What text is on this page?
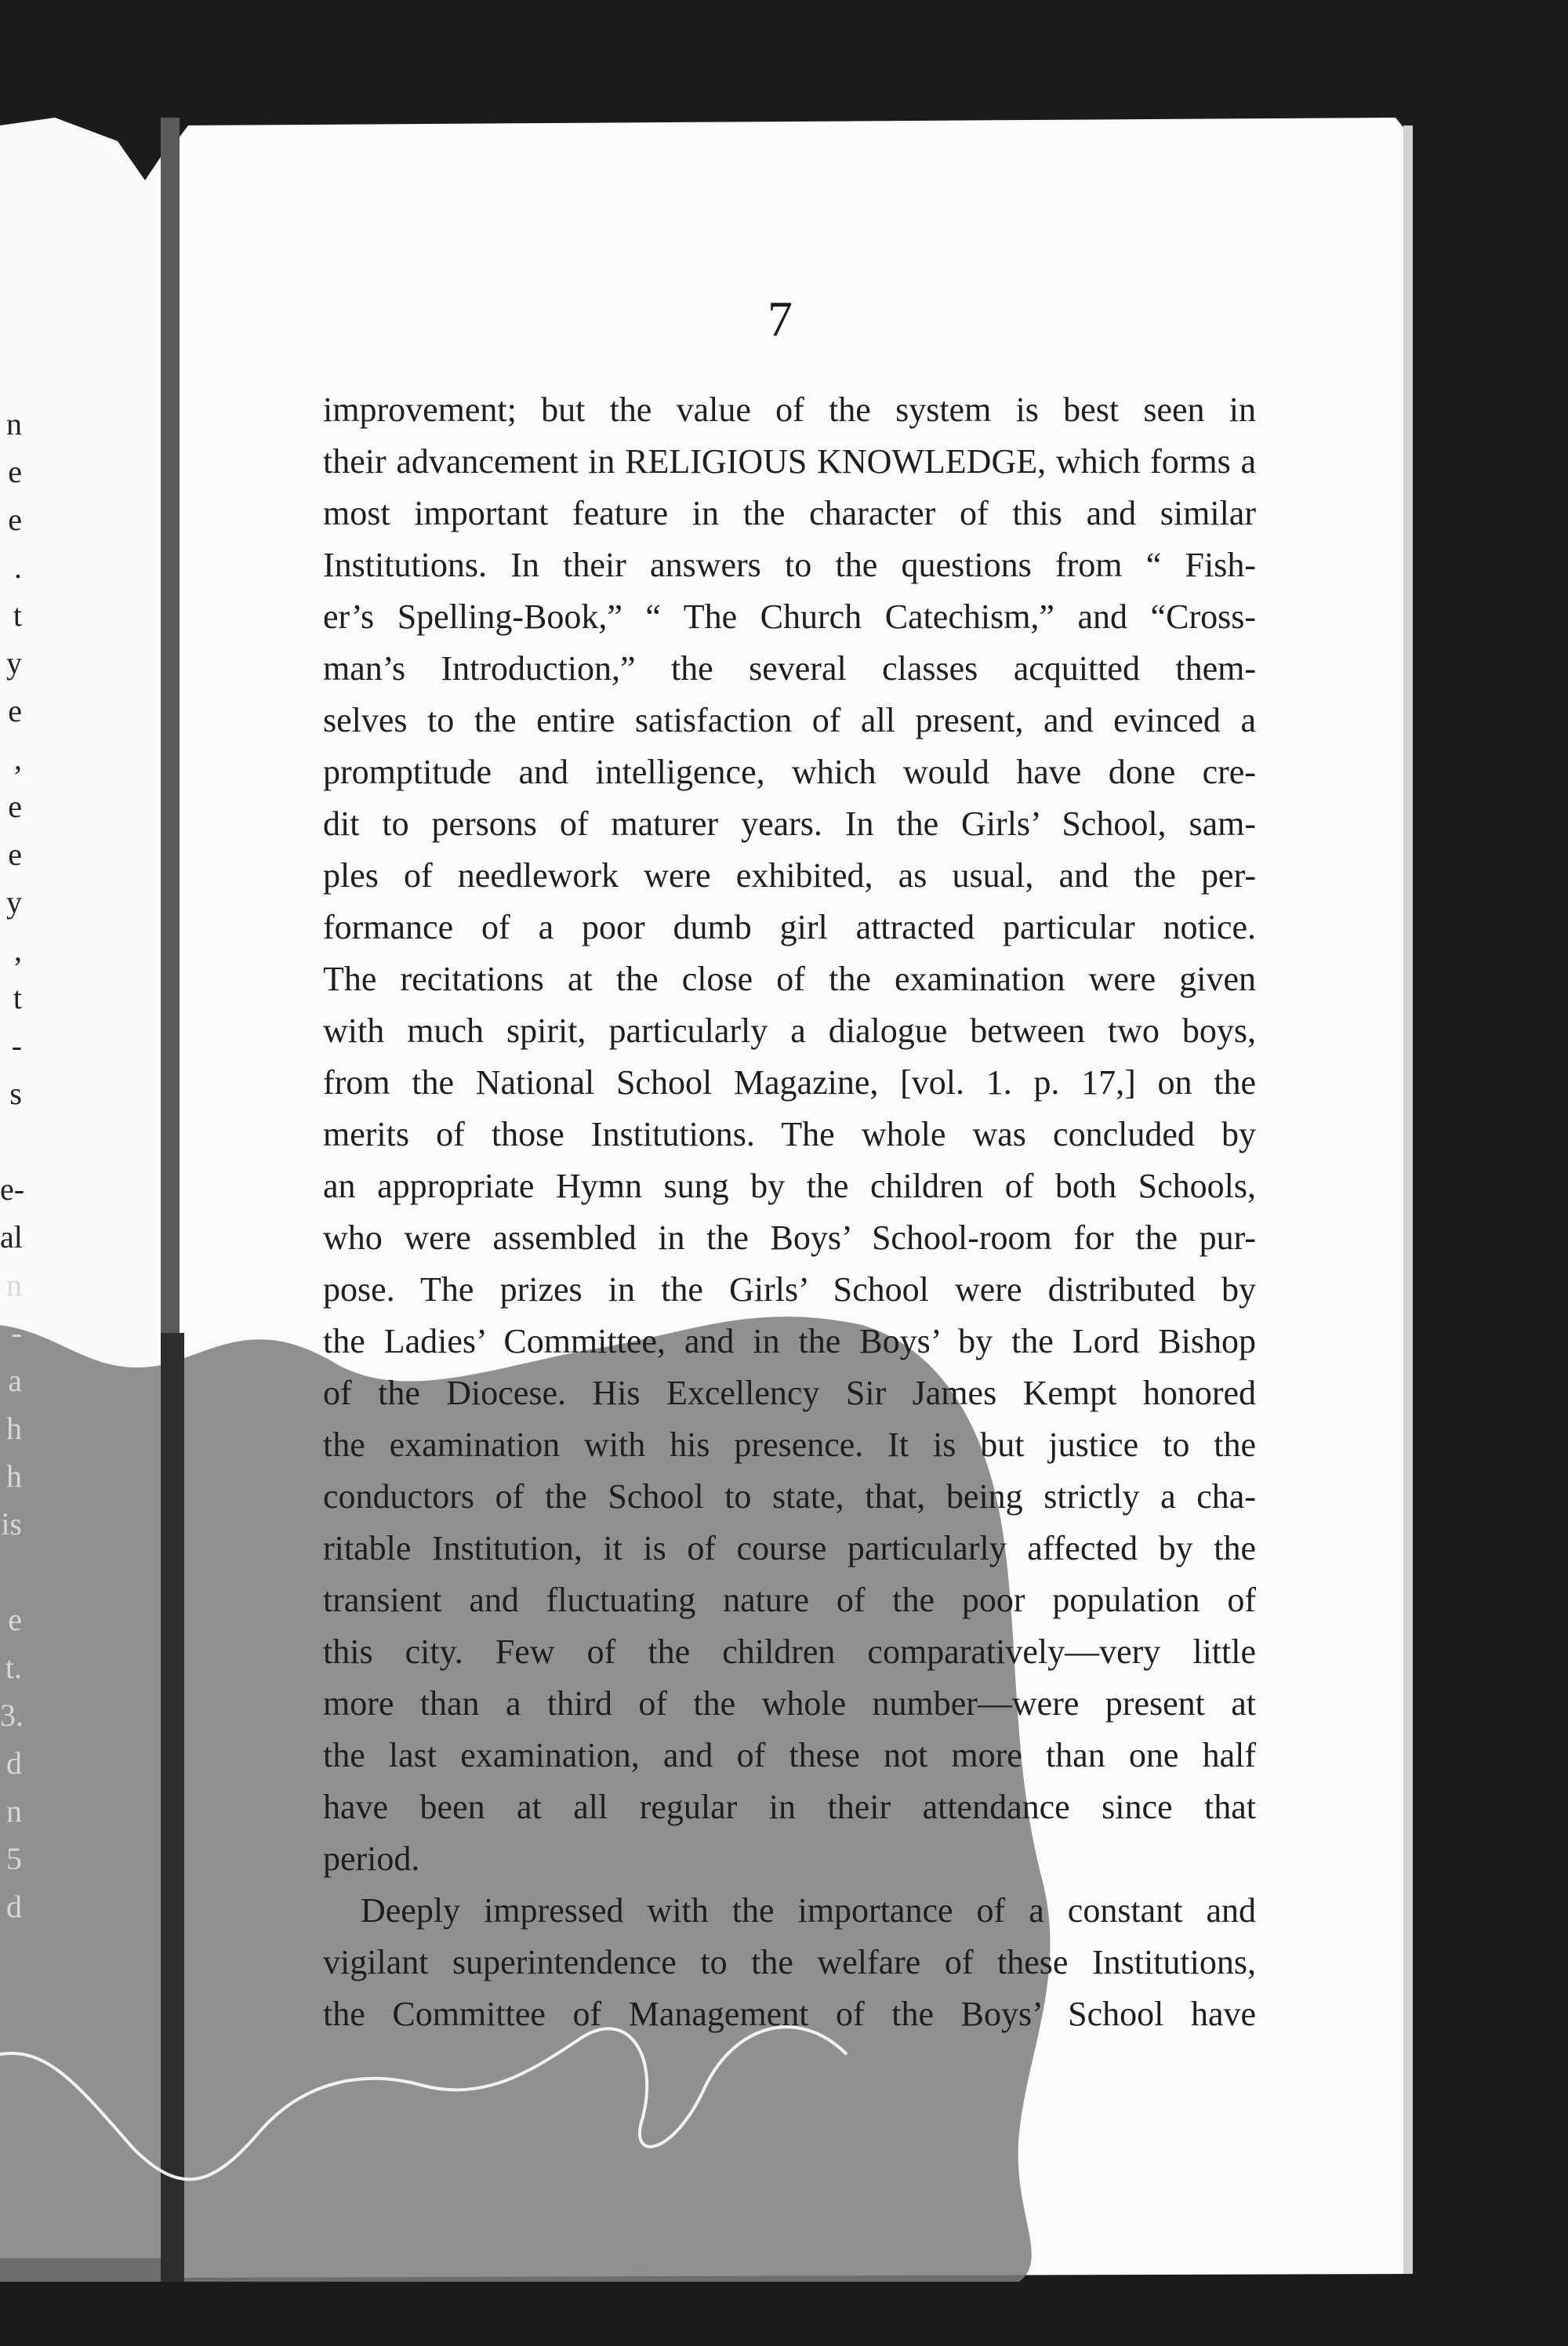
7
improvement; but the value of the system is best seen in
their advancement in RELIGIOUS KNOWLEDGE, which forms a
most important feature in the character of this and similar
Institutions. In their answers to the questions from “ Fish-
er’s Spelling-Book,” “ The Church Catechism,” and “Cross-
man’s Introduction,” the several classes acquitted them-
selves to the entire satisfaction of all present, and evinced a
promptitude and intelligence, which would have done cre-
dit to persons of maturer years. In the Girls’ School, sam-
ples of needlework were exhibited, as usual, and the per-
formance of a poor dumb girl attracted particular notice.
The recitations at the close of the examination were given
with much spirit, particularly a dialogue between two boys,
from the National School Magazine, [vol. 1. p. 17,] on the
merits of those Institutions. The whole was concluded by
an appropriate Hymn sung by the children of both Schools,
who were assembled in the Boys’ School-room for the pur-
pose. The prizes in the Girls’ School were distributed by
the Ladies’ Committee, and in the Boys’ by the Lord Bishop
of the Diocese. His Excellency Sir James Kempt honored
the examination with his presence. It is but justice to the
conductors of the School to state, that, being strictly a cha-
ritable Institution, it is of course particularly affected by the
transient and fluctuating nature of the poor population of
this city. Few of the children comparatively—very little
more than a third of the whole number—were present at
the last examination, and of these not more than one half
have been at all regular in their attendance since that
period.
Deeply impressed with the importance of a constant and
vigilant superintendence to the welfare of these Institutions,
the Committee of Management of the Boys’ School have
n
e
e
.
t
y
e
,
e
e
y
,
t
-
s
e-
al
n
-
a
h
h
is
e
t.
3.
d
n
5
d
